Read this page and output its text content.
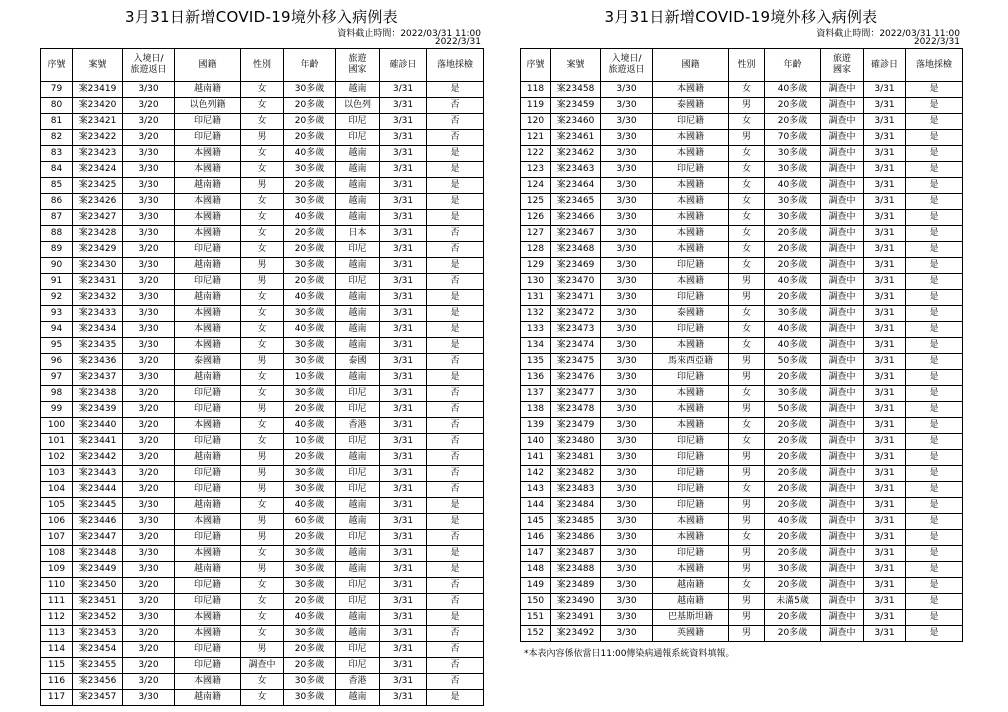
3月31日新增COVID-19境外移入病例表
資料截止時間：2022/03/31 11:00
2022/3/31
序號	案號	入境日/
旅遊返日	國籍	性別	年齡	旅遊
國家	確診日	落地採檢
79	案23419	3/30	越南籍	女	30多歲	越南	3/31	是
80	案23420	3/20	以色列籍	女	20多歲	以色列	3/31	否
81	案23421	3/20	印尼籍	女	20多歲	印尼	3/31	否
82	案23422	3/20	印尼籍	男	20多歲	印尼	3/31	否
83	案23423	3/30	本國籍	女	40多歲	越南	3/31	是
84	案23424	3/30	本國籍	女	30多歲	越南	3/31	是
85	案23425	3/30	越南籍	男	20多歲	越南	3/31	是
86	案23426	3/30	本國籍	女	30多歲	越南	3/31	是
87	案23427	3/30	本國籍	女	40多歲	越南	3/31	是
88	案23428	3/30	本國籍	女	20多歲	日本	3/31	否
89	案23429	3/20	印尼籍	女	20多歲	印尼	3/31	否
90	案23430	3/30	越南籍	男	30多歲	越南	3/31	是
91	案23431	3/20	印尼籍	男	20多歲	印尼	3/31	否
92	案23432	3/30	越南籍	女	40多歲	越南	3/31	是
93	案23433	3/30	本國籍	女	30多歲	越南	3/31	是
94	案23434	3/30	本國籍	女	40多歲	越南	3/31	是
95	案23435	3/30	本國籍	女	30多歲	越南	3/31	是
96	案23436	3/20	泰國籍	男	30多歲	泰國	3/31	否
97	案23437	3/30	越南籍	女	10多歲	越南	3/31	是
98	案23438	3/20	印尼籍	女	30多歲	印尼	3/31	否
99	案23439	3/20	印尼籍	男	20多歲	印尼	3/31	否
100	案23440	3/20	本國籍	女	40多歲	香港	3/31	否
101	案23441	3/20	印尼籍	女	10多歲	印尼	3/31	否
102	案23442	3/20	越南籍	男	20多歲	越南	3/31	否
103	案23443	3/20	印尼籍	男	30多歲	印尼	3/31	否
104	案23444	3/20	印尼籍	男	30多歲	印尼	3/31	否
105	案23445	3/30	越南籍	女	40多歲	越南	3/31	是
106	案23446	3/30	本國籍	男	60多歲	越南	3/31	是
107	案23447	3/20	印尼籍	男	20多歲	印尼	3/31	否
108	案23448	3/30	本國籍	女	30多歲	越南	3/31	是
109	案23449	3/30	越南籍	男	30多歲	越南	3/31	是
110	案23450	3/20	印尼籍	女	30多歲	印尼	3/31	否
111	案23451	3/20	印尼籍	女	20多歲	印尼	3/31	否
112	案23452	3/30	本國籍	女	40多歲	越南	3/31	是
113	案23453	3/20	本國籍	女	30多歲	越南	3/31	否
114	案23454	3/20	印尼籍	男	20多歲	印尼	3/31	否
115	案23455	3/20	印尼籍	調查中	20多歲	印尼	3/31	否
116	案23456	3/20	本國籍	女	30多歲	香港	3/31	否
117	案23457	3/30	越南籍	女	30多歲	越南	3/31	是
3月31日新增COVID-19境外移入病例表
資料截止時間：2022/03/31 11:00
2022/3/31
序號	案號	入境日/
旅遊返日	國籍	性別	年齡	旅遊
國家	確診日	落地採檢
118	案23458	3/30	本國籍	女	40多歲	調查中	3/31	是
119	案23459	3/30	泰國籍	男	20多歲	調查中	3/31	是
120	案23460	3/30	印尼籍	女	20多歲	調查中	3/31	是
121	案23461	3/30	本國籍	男	70多歲	調查中	3/31	是
122	案23462	3/30	本國籍	女	30多歲	調查中	3/31	是
123	案23463	3/30	印尼籍	女	30多歲	調查中	3/31	是
124	案23464	3/30	本國籍	女	40多歲	調查中	3/31	是
125	案23465	3/30	本國籍	女	30多歲	調查中	3/31	是
126	案23466	3/30	本國籍	女	30多歲	調查中	3/31	是
127	案23467	3/30	本國籍	女	20多歲	調查中	3/31	是
128	案23468	3/30	本國籍	女	20多歲	調查中	3/31	是
129	案23469	3/30	印尼籍	女	20多歲	調查中	3/31	是
130	案23470	3/30	本國籍	男	40多歲	調查中	3/31	是
131	案23471	3/30	印尼籍	男	20多歲	調查中	3/31	是
132	案23472	3/30	泰國籍	女	30多歲	調查中	3/31	是
133	案23473	3/30	印尼籍	女	40多歲	調查中	3/31	是
134	案23474	3/30	本國籍	女	40多歲	調查中	3/31	是
135	案23475	3/30	馬來西亞籍	男	50多歲	調查中	3/31	是
136	案23476	3/30	印尼籍	男	20多歲	調查中	3/31	是
137	案23477	3/30	本國籍	女	30多歲	調查中	3/31	是
138	案23478	3/30	本國籍	男	50多歲	調查中	3/31	是
139	案23479	3/30	本國籍	女	20多歲	調查中	3/31	是
140	案23480	3/30	印尼籍	女	20多歲	調查中	3/31	是
141	案23481	3/30	印尼籍	男	20多歲	調查中	3/31	是
142	案23482	3/30	印尼籍	男	20多歲	調查中	3/31	是
143	案23483	3/30	印尼籍	女	20多歲	調查中	3/31	是
144	案23484	3/30	印尼籍	男	20多歲	調查中	3/31	是
145	案23485	3/30	本國籍	男	40多歲	調查中	3/31	是
146	案23486	3/30	本國籍	女	20多歲	調查中	3/31	是
147	案23487	3/30	印尼籍	男	20多歲	調查中	3/31	是
148	案23488	3/30	本國籍	男	30多歲	調查中	3/31	是
149	案23489	3/30	越南籍	女	20多歲	調查中	3/31	是
150	案23490	3/30	越南籍	男	未滿5歲	調查中	3/31	是
151	案23491	3/30	巴基斯坦籍	男	20多歲	調查中	3/31	是
152	案23492	3/30	英國籍	男	20多歲	調查中	3/31	是
*本表內容係依當日11:00傳染病通報系統資料填報。
